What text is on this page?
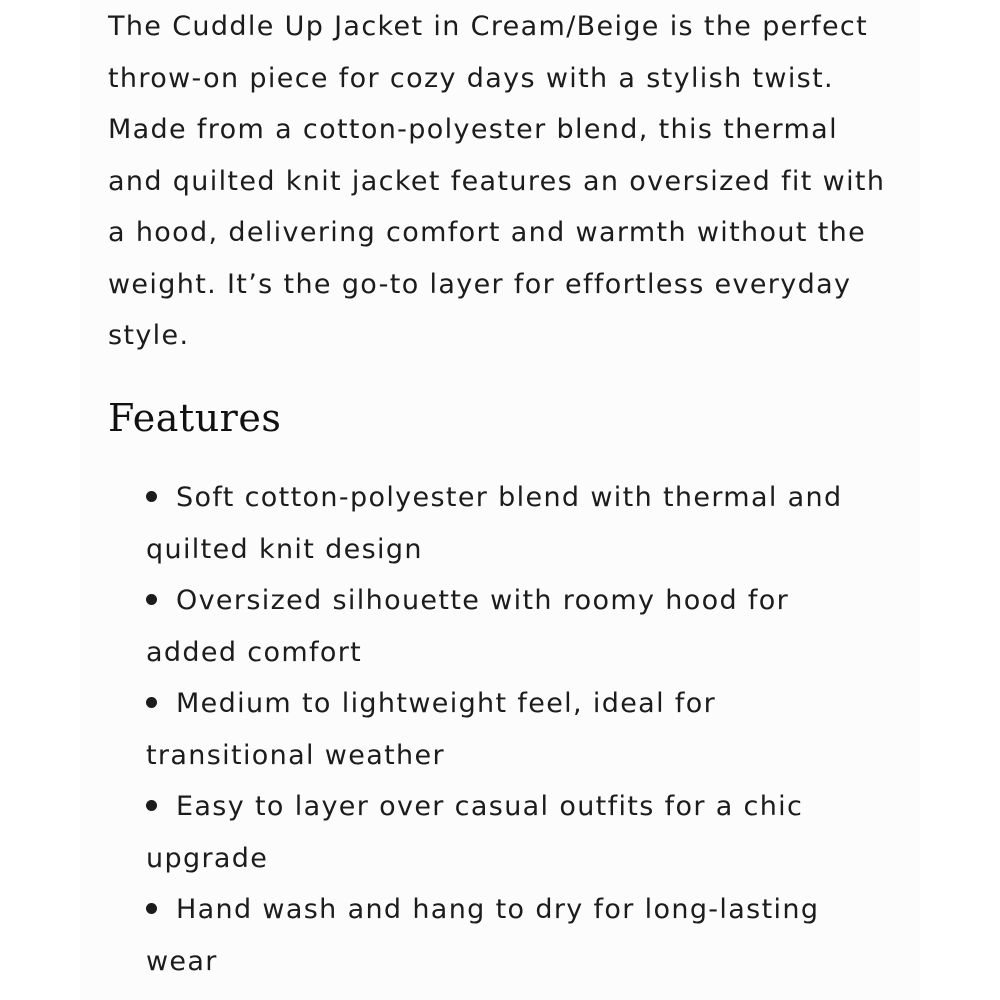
The Cuddle Up Jacket in Cream/Beige is the perfect throw-on piece for cozy days with a stylish twist. Made from a cotton-polyester blend, this thermal and quilted knit jacket features an oversized fit with a hood, delivering comfort and warmth without the weight. It’s the go-to layer for effortless everyday style.

Features
Soft cotton-polyester blend with thermal and quilted knit design
Oversized silhouette with roomy hood for added comfort
Medium to lightweight feel, ideal for transitional weather
Easy to layer over casual outfits for a chic upgrade
Hand wash and hang to dry for long-lasting wear
